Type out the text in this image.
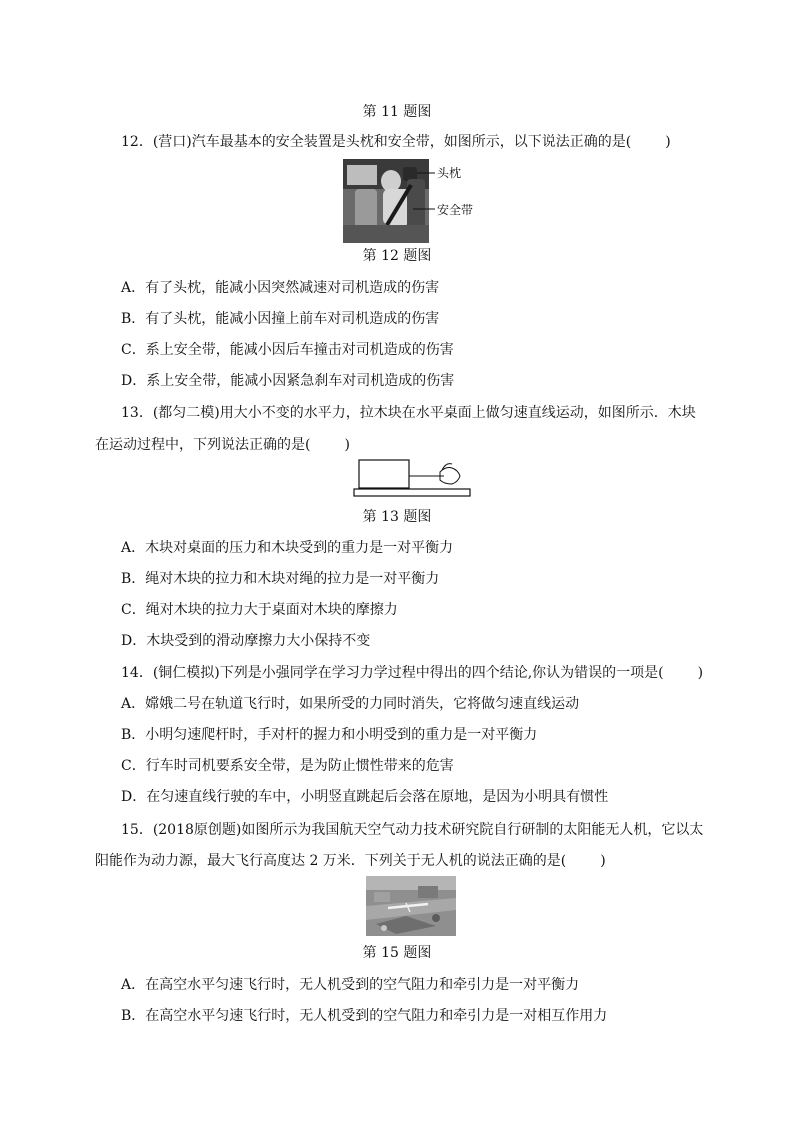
第 11 题图
12．(营口)汽车最基本的安全装置是头枕和安全带，如图所示，以下说法正确的是( )
头枕
安全带
第 12 题图
A．有了头枕，能减小因突然减速对司机造成的伤害
B．有了头枕，能减小因撞上前车对司机造成的伤害
C．系上安全带，能减小因后车撞击对司机造成的伤害
D．系上安全带，能减小因紧急刹车对司机造成的伤害
13．(都匀二模)用大小不变的水平力，拉木块在水平桌面上做匀速直线运动，如图所示．木块
在运动过程中，下列说法正确的是( )
第 13 题图
A．木块对桌面的压力和木块受到的重力是一对平衡力
B．绳对木块的拉力和木块对绳的拉力是一对平衡力
C．绳对木块的拉力大于桌面对木块的摩擦力
D．木块受到的滑动摩擦力大小保持不变
14．(铜仁模拟)下列是小强同学在学习力学过程中得出的四个结论,你认为错误的一项是( )
A．嫦娥二号在轨道飞行时，如果所受的力同时消失，它将做匀速直线运动
B．小明匀速爬杆时，手对杆的握力和小明受到的重力是一对平衡力
C．行车时司机要系安全带，是为防止惯性带来的危害
D．在匀速直线行驶的车中，小明竖直跳起后会落在原地，是因为小明具有惯性
15．(2018原创题)如图所示为我国航天空气动力技术研究院自行研制的太阳能无人机，它以太
阳能作为动力源，最大飞行高度达 2 万米．下列关于无人机的说法正确的是( )
第 15 题图
A．在高空水平匀速飞行时，无人机受到的空气阻力和牵引力是一对平衡力
B．在高空水平匀速飞行时，无人机受到的空气阻力和牵引力是一对相互作用力
